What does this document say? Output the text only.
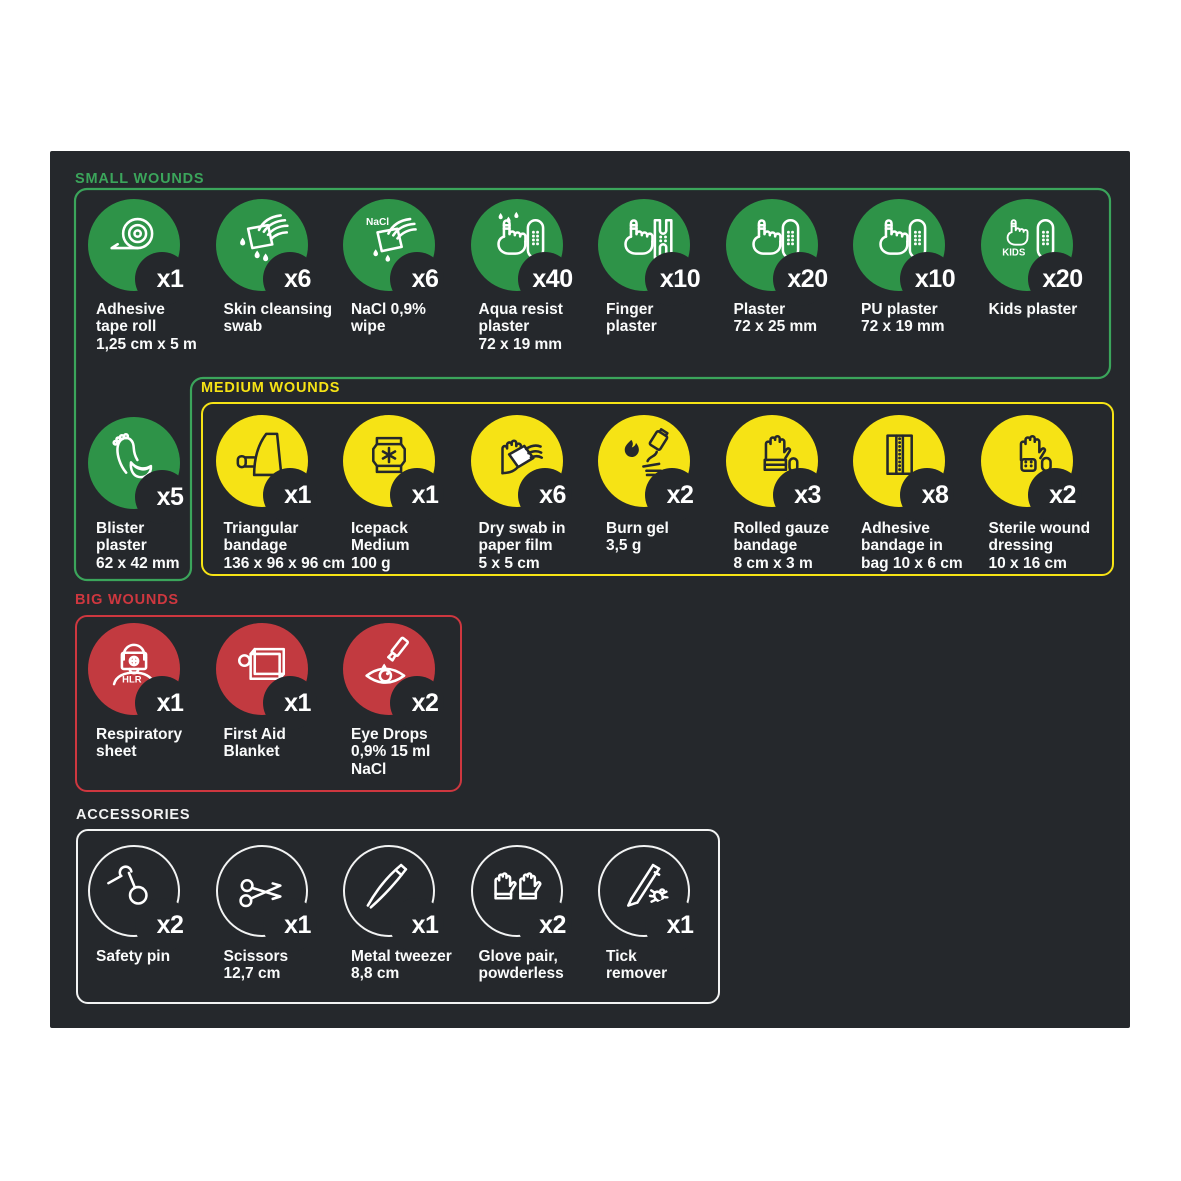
SMALL WOUNDS
MEDIUM WOUNDS
BIG WOUNDS
ACCESSORIES
x1
Adhesive
tape roll
1,25 cm x 5 m
x6
Skin cleansing
swab
NaCl
x6
NaCl 0,9%
wipe
x40
Aqua resist
plaster
72 x 19 mm
x10
Finger
plaster
x20
Plaster
72 x 25 mm
x10
PU plaster
72 x 19 mm
KIDS
x20
Kids plaster
x5
Blister
plaster
62 x 42 mm
x1
Triangular
bandage
136 x 96 x 96 cm
x1
Icepack
Medium
100 g
x6
Dry swab in
paper film
5 x 5 cm
x2
Burn gel
3,5 g
x3
Rolled gauze
bandage
8 cm x 3 m
x8
Adhesive
bandage in
bag 10 x 6 cm
x2
Sterile wound
dressing
10 x 16 cm
HLR
x1
Respiratory
sheet
x1
First Aid
Blanket
x2
Eye Drops
0,9% 15 ml
NaCl
x2
Safety pin
x1
Scissors
12,7 cm
x1
Metal tweezer
8,8 cm
x2
Glove pair,
powderless
x1
Tick
remover
